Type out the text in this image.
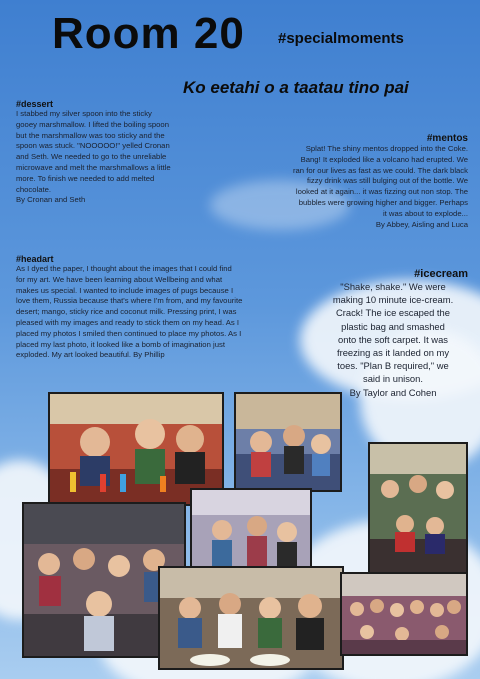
Room 20 #specialmoments
Ko eetahi o a taatau tino pai
#dessert
I stabbed my silver spoon into the sticky
gooey marshmallow. I lifted the boiling spoon
but the marshmallow was too sticky and the
spoon was stuck. "NOOOOO!" yelled Cronan
and Seth. We needed to go to the unreliable
microwave and melt the marshmallows a little
more. To finish we needed to add melted
chocolate.
By Cronan and Seth
#mentos
Splat! The shiny mentos dropped into the Coke.
Bang! It exploded like a volcano had erupted. We
ran for our lives as fast as we could. The dark black
fizzy drink was still bulging out of the bottle. We
looked at it again... it was fizzing out non stop. The
bubbles were growing higher and bigger. Perhaps
it was about to explode...
By Abbey, Aisling and Luca
#headart
As I dyed the paper, I thought about the images that I could find
for my art. We have been learning about Wellbeing and what
makes us special. I wanted to include images of pugs because I
love them, Russia because that's where I'm from, and my favourite
desert; mango, sticky rice and coconut milk. Pressing print, I was
pleased with my images and ready to stick them on my head. As I
placed my photos I smiled then continued to place my photos. As I
placed my last photo, it looked like a bomb of imagination just
exploded. My art looked beautiful. By Phillip
#icecream
"Shake, shake." We were
making 10 minute ice-cream.
Crack! The ice escaped the
plastic bag and smashed
onto the soft carpet. It was
freezing as it landed on my
toes. "Plan B required," we
said in unison.
By Taylor and Cohen
